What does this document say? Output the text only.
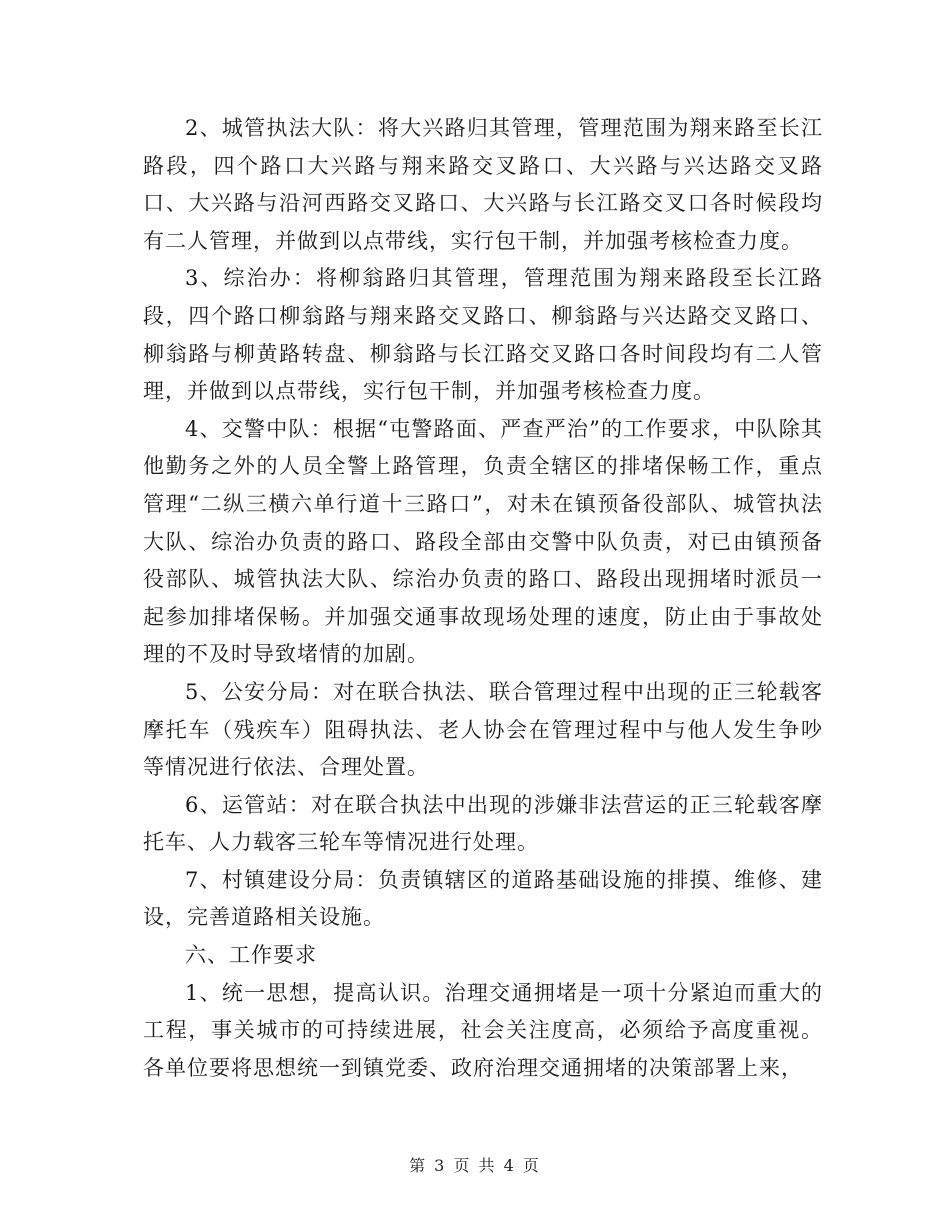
2、城管执法大队：将大兴路归其管理，管理范围为翔来路至长江路段，四个路口大兴路与翔来路交叉路口、大兴路与兴达路交叉路口、大兴路与沿河西路交叉路口、大兴路与长江路交叉口各时候段均有二人管理，并做到以点带线，实行包干制，并加强考核检查力度。

3、综治办：将柳翁路归其管理，管理范围为翔来路段至长江路段，四个路口柳翁路与翔来路交叉路口、柳翁路与兴达路交叉路口、柳翁路与柳黄路转盘、柳翁路与长江路交叉路口各时间段均有二人管理，并做到以点带线，实行包干制，并加强考核检查力度。

4、交警中队：根据“屯警路面、严查严治”的工作要求，中队除其他勤务之外的人员全警上路管理，负责全辖区的排堵保畅工作，重点管理“二纵三横六单行道十三路口”，对未在镇预备役部队、城管执法大队、综治办负责的路口、路段全部由交警中队负责，对已由镇预备役部队、城管执法大队、综治办负责的路口、路段出现拥堵时派员一起参加排堵保畅。并加强交通事故现场处理的速度，防止由于事故处理的不及时导致堵情的加剧。

5、公安分局：对在联合执法、联合管理过程中出现的正三轮载客摩托车（残疾车）阻碍执法、老人协会在管理过程中与他人发生争吵等情况进行依法、合理处置。

6、运管站：对在联合执法中出现的涉嫌非法营运的正三轮载客摩托车、人力载客三轮车等情况进行处理。

7、村镇建设分局：负责镇辖区的道路基础设施的排摸、维修、建设，完善道路相关设施。

六、工作要求

1、统一思想，提高认识。治理交通拥堵是一项十分紧迫而重大的工程，事关城市的可持续进展，社会关注度高，必须给予高度重视。各单位要将思想统一到镇党委、政府治理交通拥堵的决策部署上来，

第 3 页 共 4 页
